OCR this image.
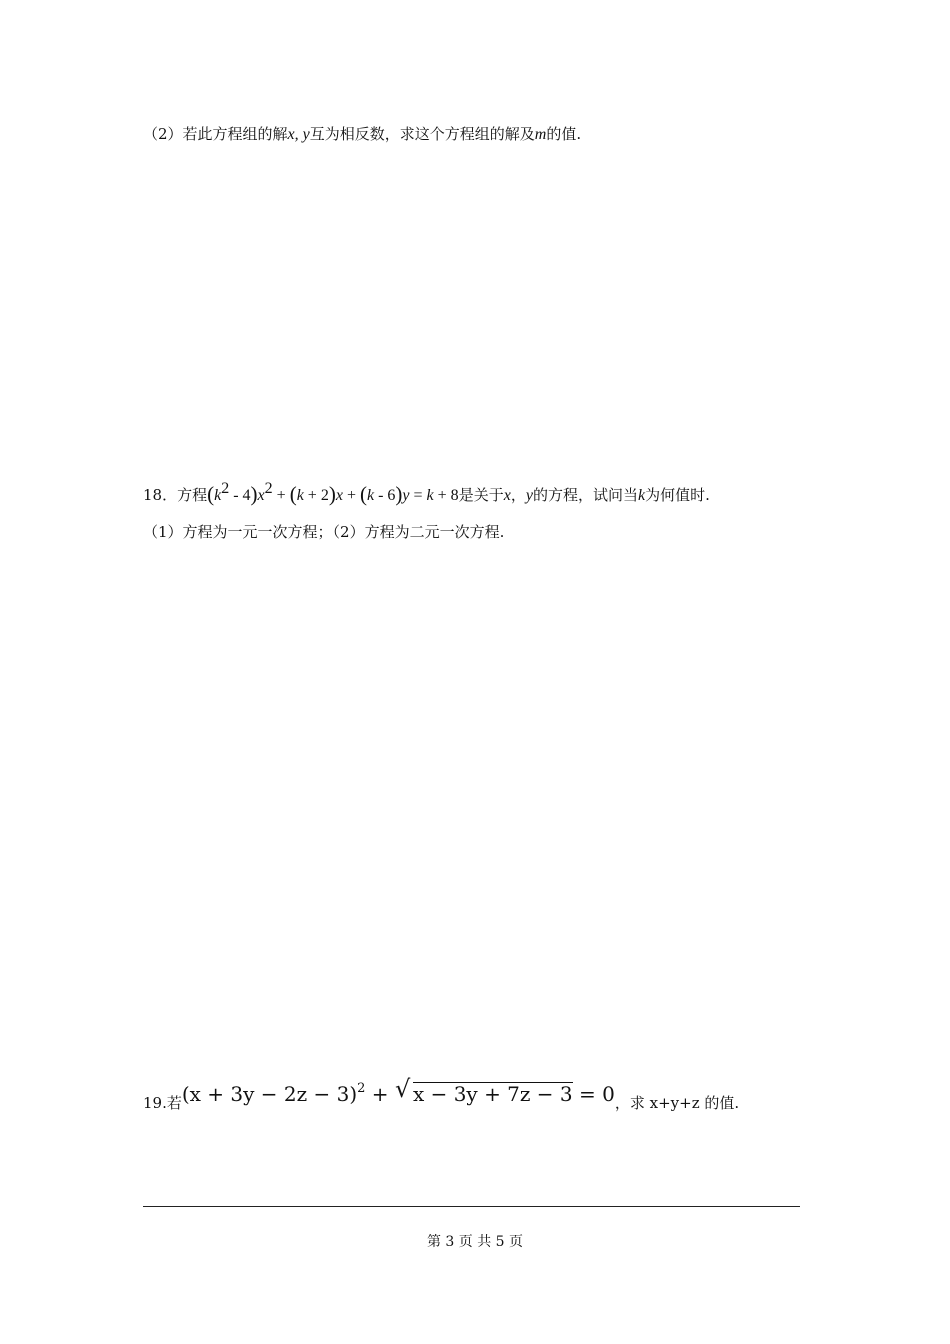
（2）若此方程组的解x, y互为相反数，求这个方程组的解及m的值.
18．方程$(k^2 - 4)x^2 + (k + 2)x + (k - 6)y = k + 8$是关于x，y的方程，试问当k为何值时.
（1）方程为一元一次方程；（2）方程为二元一次方程.
19.若$(x + 3y - 2z - 3)^2$ + √ x − 3y + 7z − 3 = 0，求 x+y+z 的值.
第 3 页 共 5 页
